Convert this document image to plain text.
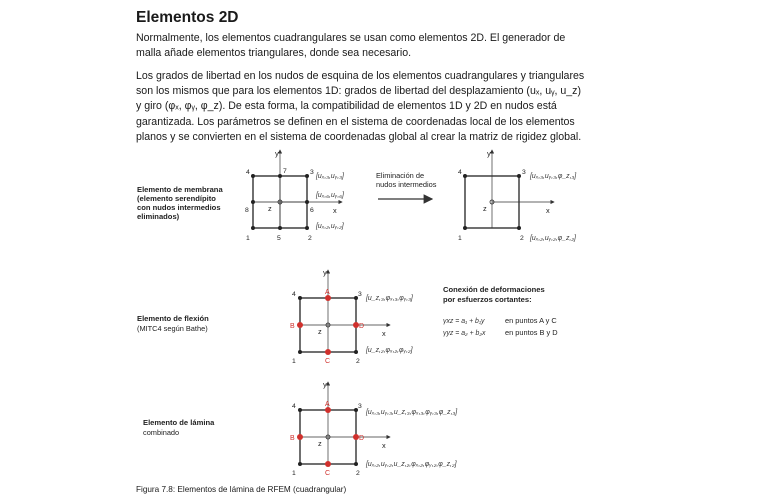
Elementos 2D

Normalmente, los elementos cuadrangulares se usan como elementos 2D. El generador de malla añade elementos triangulares, donde sea necesario.

Los grados de libertad en los nudos de esquina de los elementos cuadrangulares y triangulares son los mismos que para los elementos 1D: grados de libertad del desplazamiento (uₓ, uᵧ, u_z) y giro (φₓ, φᵧ, φ_z). De esta forma, la compatibilidad de elementos 1D y 2D en nudos está garantizada. Los parámetros se definen en el sistema de coordenadas local de los elementos planos y se convierten en el sistema de coordenadas global al crear la matriz de rigidez global.

Elemento de membrana
(elemento serendípito
con nudos intermedios
eliminados)
y
x
z
4	7	3
8	6
1	5	2
[uₓ,₃,uᵧ,₃]
[uₓ,₆,uᵧ,₆]
[uₓ,₂,uᵧ,₂]
Eliminación de
nudos intermedios
y
x
z
4	3
1	2
[uₓ,₃,uᵧ,₃,φ_z,₃]
[uₓ,₂,uᵧ,₂,φ_z,₂]
Elemento de flexión
(MITC4 según Bathe)
A
B
C
D
y
x
z
4	3
1	2
[u_z,₃,φₓ,₃,φᵧ,₃]
[u_z,₂,φₓ,₂,φᵧ,₂]
Conexión de deformaciones
por esfuerzos cortantes:
γxz = a₁ + b₁y	en puntos A y C
γyz = a₂ + b₂x	en puntos B y D
Elemento de lámina
combinado
A
B
C
D
y
x
z
4	3
1	2
[uₓ,₃,uᵧ,₃,u_z,₃,φₓ,₃,φᵧ,₃,φ_z,₃]
[uₓ,₂,uᵧ,₂,u_z,₂,φₓ,₂,φᵧ,₂,φ_z,₂]

Figura 7.8: Elementos de lámina de RFEM (cuadrangular)
